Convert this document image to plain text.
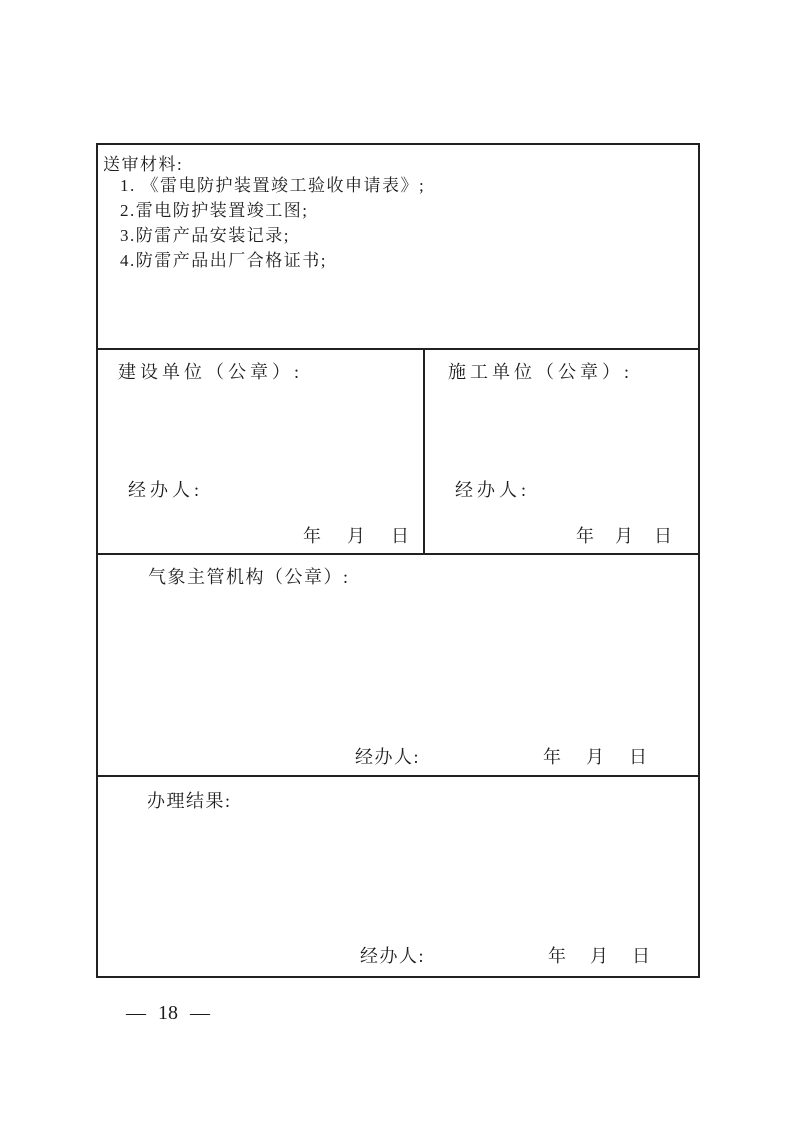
送审材料:
1. 《雷电防护装置竣工验收申请表》;
2.雷电防护装置竣工图;
3.防雷产品安装记录;
4.防雷产品出厂合格证书;
建设单位（公章）:
经办人:
年 月 日
施工单位（公章）:
经办人:
年 月 日
气象主管机构（公章）:
经办人:	年 月 日
办理结果:
经办人:	年 月 日
— 18 —
